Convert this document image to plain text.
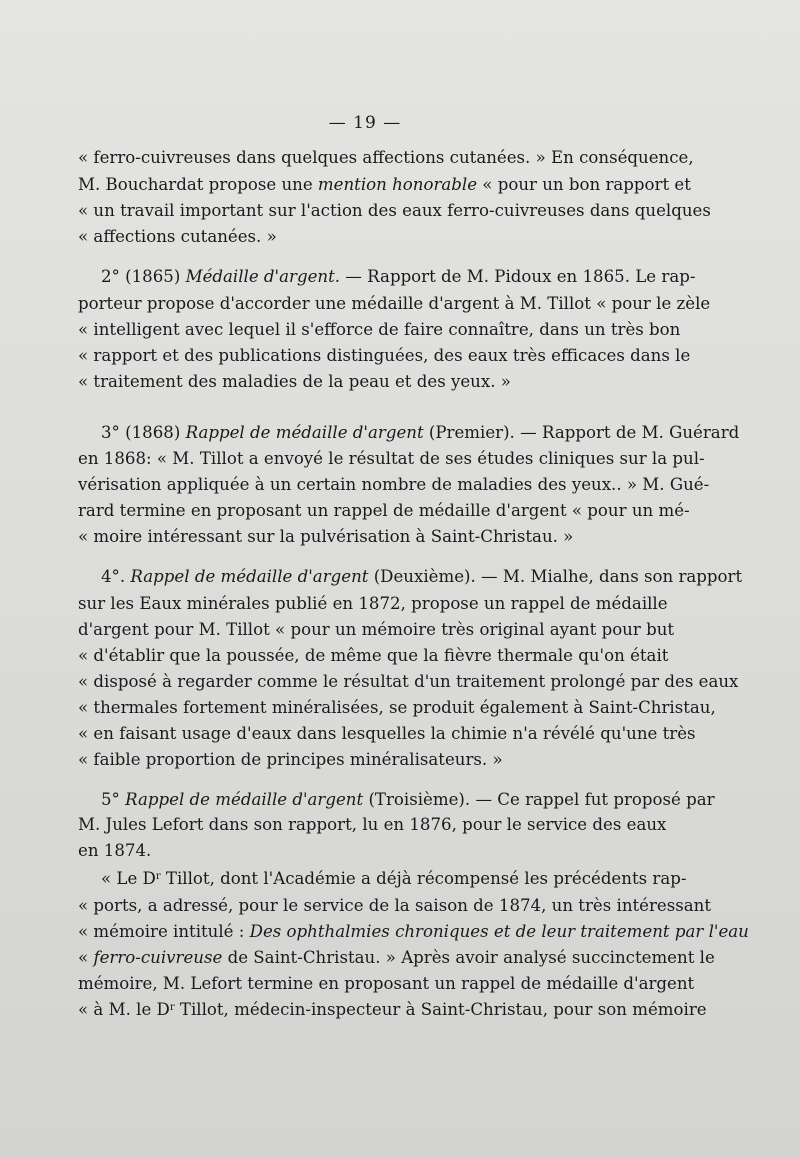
— 19 —
« ferro-cuivreuses dans quelques affections cutanées. » En conséquence,
M. Bouchardat propose une mention honorable « pour un bon rapport et
« un travail important sur l'action des eaux ferro-cuivreuses dans quelques
« affections cutanées. »
2° (1865) Médaille d'argent. — Rapport de M. Pidoux en 1865. Le rap-
porteur propose d'accorder une médaille d'argent à M. Tillot « pour le zèle
« intelligent avec lequel il s'efforce de faire connaître, dans un très bon
« rapport et des publications distinguées, des eaux très efficaces dans le
« traitement des maladies de la peau et des yeux. »
3° (1868) Rappel de médaille d'argent (Premier). — Rapport de M. Guérard
en 1868: « M. Tillot a envoyé le résultat de ses études cliniques sur la pul-
vérisation appliquée à un certain nombre de maladies des yeux.. » M. Gué-
rard termine en proposant un rappel de médaille d'argent « pour un mé-
« moire intéressant sur la pulvérisation à Saint-Christau. »
4°. Rappel de médaille d'argent (Deuxième). — M. Mialhe, dans son rapport
sur les Eaux minérales publié en 1872, propose un rappel de médaille
d'argent pour M. Tillot « pour un mémoire très original ayant pour but
« d'établir que la poussée, de même que la fièvre thermale qu'on était
« disposé à regarder comme le résultat d'un traitement prolongé par des eaux
« thermales fortement minéralisées, se produit également à Saint-Christau,
« en faisant usage d'eaux dans lesquelles la chimie n'a révélé qu'une très
« faible proportion de principes minéralisateurs. »
5° Rappel de médaille d'argent (Troisième). — Ce rappel fut proposé par
M. Jules Lefort dans son rapport, lu en 1876, pour le service des eaux
en 1874.
« Le $D^r$ Tillot, dont l'Académie a déjà récompensé les précédents rap-
« ports, a adressé, pour le service de la saison de 1874, un très intéressant
« mémoire intitulé : Des ophthalmies chroniques et de leur traitement par l'eau
« ferro-cuivreuse de Saint-Christau. » Après avoir analysé succinctement le
mémoire, M. Lefort termine en proposant un rappel de médaille d'argent
« à M. le $D^r$ Tillot, médecin-inspecteur à Saint-Christau, pour son mémoire
